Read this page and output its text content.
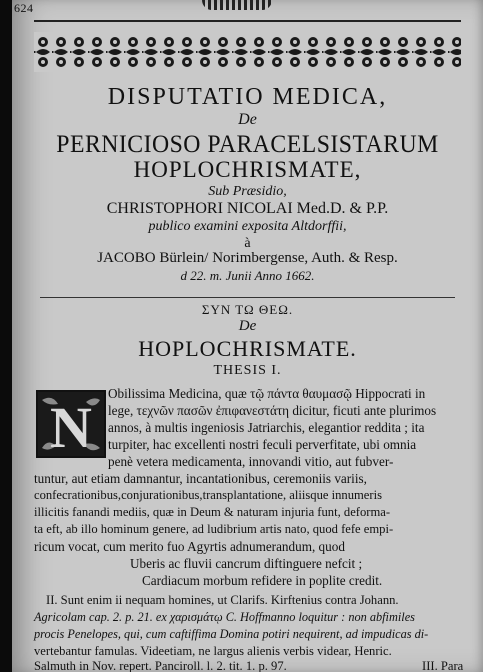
624
DISPUTATIO MEDICA,
De
PERNICIOSO PARACELSISTARUM
HOPLOCHRISMATE,
Sub Præsidio,
CHRISTOPHORI NICOLAI Med.D. & P.P.
publico examini exposita Altdorffii,
à
JACOBO Bürlein/ Norimbergense, Auth. & Resp.
d 22. m. Junii Anno 1662.
ΣΥΝ ΤΩ ΘΕΩ.
De
HOPLOCHRISMATE.
THESIS I.
N
Obilissima Medicina, quæ τῷ πάντα θαυμασῷ Hippocrati in
lege, τεχνῶν πασῶν ἐπιφανεστάτη dicitur, ficuti ante plurimos
annos, à multis ingeniosis Jatriarchis, elegantior reddita ; ita
turpiter, hac excellenti nostri feculi perverfitate, ubi omnia
penè vetera medicamenta, innovandi vitio, aut fubver-
tuntur, aut etiam damnantur, incantationibus, ceremoniis variis,
confecrationibus,conjurationibus,transplantatione, aliisque innumeris
illicitis fanandi mediis, quæ in Deum & naturam injuria funt, deforma-
ta eft, ab illo hominum genere, ad ludibrium artis nato, quod fefe empi-
ricum vocat, cum merito fuo Agyrtis adnumerandum, quod
Uberis ac fluvii cancrum diftinguere nefcit ;
Cardiacum morbum refidere in poplite credit.
II. Sunt enim ii nequam homines, ut Clarifs. Kirftenius contra Johann.
Agricolam cap. 2. p. 21. ex χαρισμάτῳ C. Hoffmanno loquitur : non abfimiles
procis Penelopes, qui, cum caftiffima Domina potiri nequirent, ad impudicas di-
vertebantur famulas. Videetiam, ne largus alienis verbis videar, Henric.
Salmuth in Nov. repert. Panciroll. l. 2. tit. 1. p. 97.	III. Para
